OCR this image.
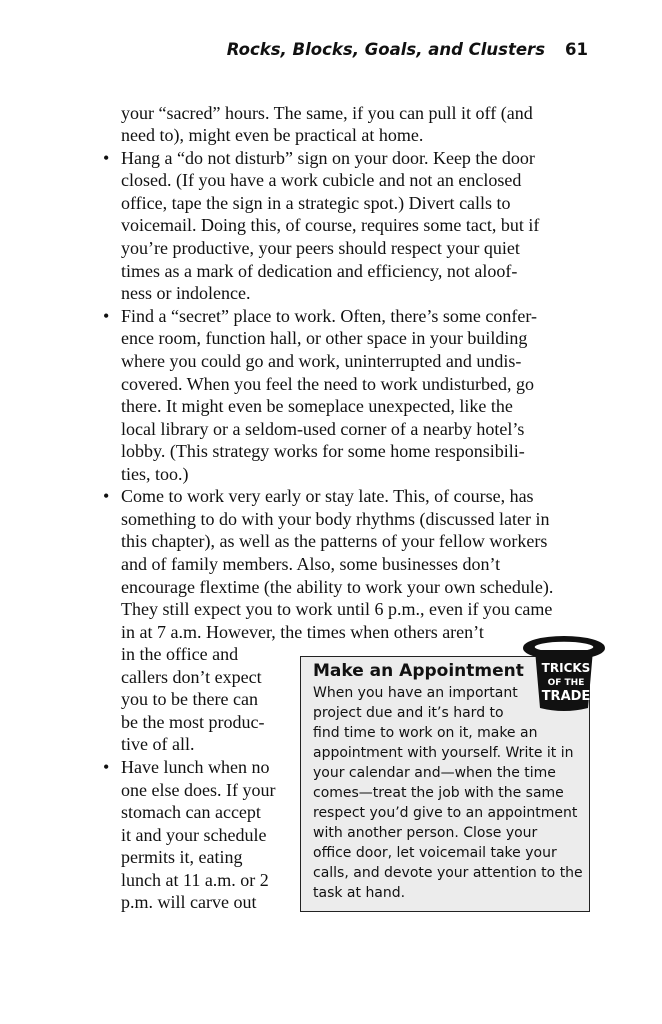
Rocks, Blocks, Goals, and Clusters 61
your “sacred” hours. The same, if you can pull it off (and
need to), might even be practical at home.
• Hang a “do not disturb” sign on your door. Keep the door
closed. (If you have a work cubicle and not an enclosed
office, tape the sign in a strategic spot.) Divert calls to
voicemail. Doing this, of course, requires some tact, but if
you’re productive, your peers should respect your quiet
times as a mark of dedication and efficiency, not aloof-
ness or indolence.
• Find a “secret” place to work. Often, there’s some confer-
ence room, function hall, or other space in your building
where you could go and work, uninterrupted and undis-
covered. When you feel the need to work undisturbed, go
there. It might even be someplace unexpected, like the
local library or a seldom-used corner of a nearby hotel’s
lobby. (This strategy works for some home responsibili-
ties, too.)
• Come to work very early or stay late. This, of course, has
something to do with your body rhythms (discussed later in
this chapter), as well as the patterns of your fellow workers
and of family members. Also, some businesses don’t
encourage flextime (the ability to work your own schedule).
They still expect you to work until 6 p.m., even if you came
in at 7 a.m. However, the times when others aren’t
in the office and
callers don’t expect
you to be there can
be the most produc-
tive of all.
• Have lunch when no
one else does. If your
stomach can accept
it and your schedule
permits it, eating
lunch at 11 a.m. or 2
p.m. will carve out
Make an Appointment
When you have an important
project due and it’s hard to
find time to work on it, make an
appointment with yourself. Write it in
your calendar and—when the time
comes—treat the job with the same
respect you’d give to an appointment
with another person. Close your
office door, let voicemail take your
calls, and devote your attention to the
task at hand.
TRICKS
OF THE
TRADE
